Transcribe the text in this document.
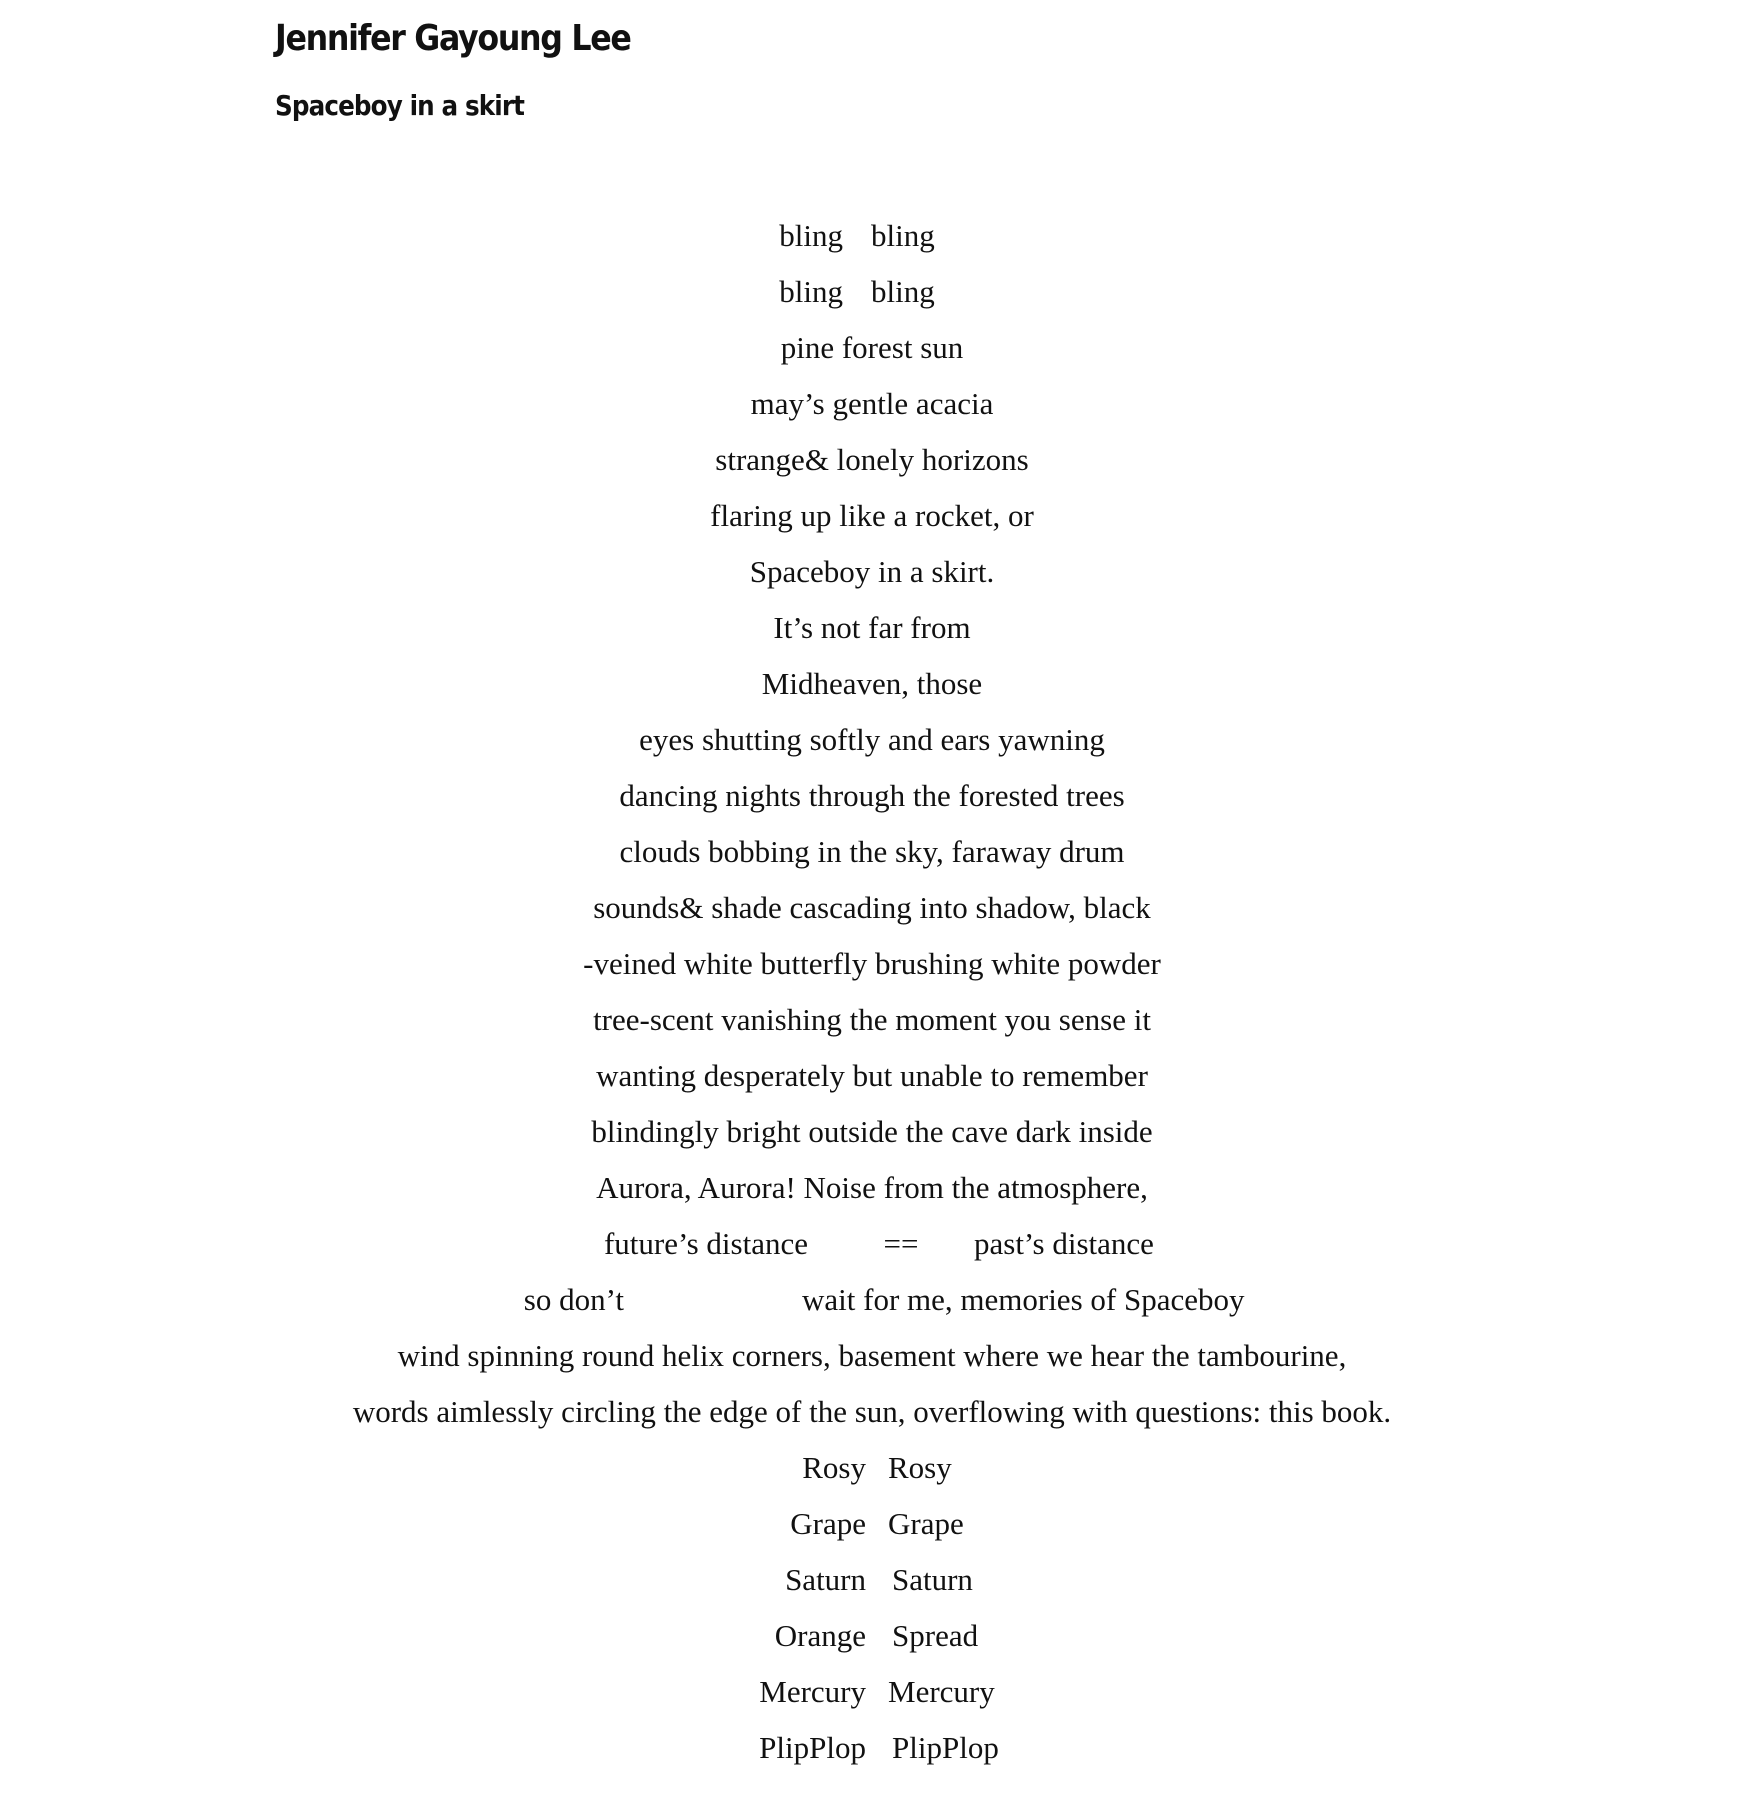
Jennifer Gayoung Lee
Spaceboy in a skirt
bling bling
bling bling
pine forest sun
may’s gentle acacia
strange& lonely horizons
flaring up like a rocket, or
Spaceboy in a skirt.
It’s not far from
Midheaven, those
eyes shutting softly and ears yawning
dancing nights through the forested trees
clouds bobbing in the sky, faraway drum
sounds& shade cascading into shadow, black
-veined white butterfly brushing white powder
tree-scent vanishing the moment you sense it
wanting desperately but unable to remember
blindingly bright outside the cave dark inside
Aurora, Aurora! Noise from the atmosphere,
future’s distance	==	past’s distance
so don’t	wait for me, memories of Spaceboy
wind spinning round helix corners, basement where we hear the tambourine,
words aimlessly circling the edge of the sun, overflowing with questions: this book.
Rosy Rosy
Grape Grape
Saturn Saturn
Orange Spread
Mercury Mercury
PlipPlop PlipPlop
